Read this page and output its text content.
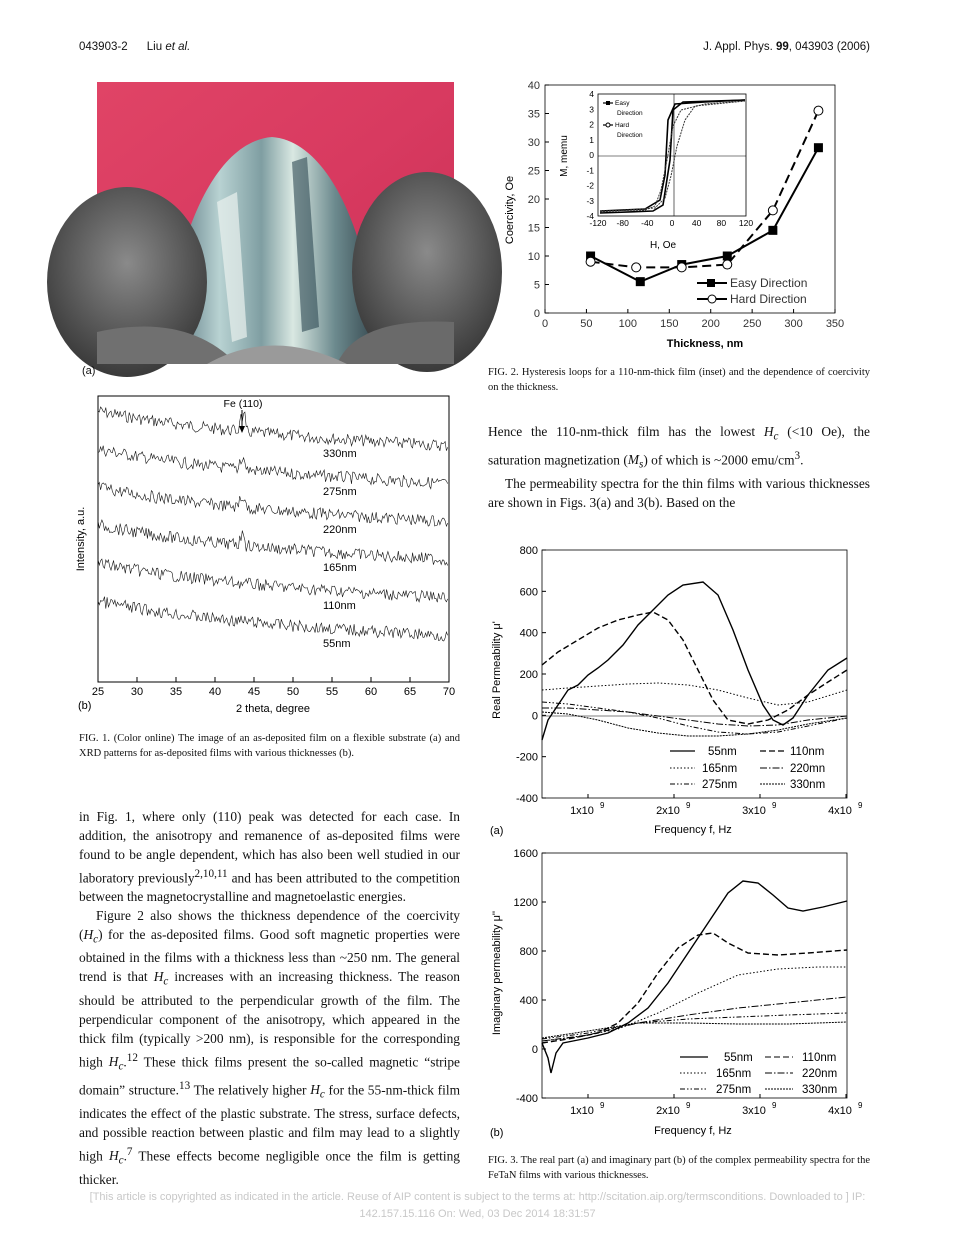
043903-2 Liu et al.	J. Appl. Phys. 99, 043903 (2006)
(a)
330nm
275nm
220nm
165nm
110nm
55nm
25 30 35 40 45 50 55 60 65 70
Intensity, a.u.
2 theta, degree
Fe (110)
(b)
FIG. 1. (Color online) The image of an as-deposited film on a flexible substrate (a) and XRD patterns for as-deposited films with various thicknesses (b).
Coercivity, Oe
Thickness, nm
0	50 100 150 200 250 300 350
0
5
10
15
20
25
30
35
40
-120 -80 -40 0 40 80 120
-4
-3
-2
-1
0
1
2
3
4
M, memu
H, Oe
Easy
Direction
Hard
Direction
Easy Direction
Hard Direction
FIG. 2. Hysteresis loops for a 110-nm-thick film (inset) and the dependence of coercivity on the thickness.

Hence the 110-nm-thick film has the lowest $H_c$ (<10 Oe), the saturation magnetization $(M_s)$ of which is ~2000 emu/$cm^3$.

The permeability spectra for the thin films with various thicknesses are shown in Figs. 3(a) and 3(b). Based on the

800
600
400
200
0
-200
-400
1x10 9	2x10 9	3x10 9	4x10 9
Real Permeability μ'
Frequency f, Hz
(a)
55nm	110nm
165nm	220mn
275nm	330nm
1600
1200
800
400
0
-400
1x10 9	2x10 9	3x10 9	4x10 9
Imaginary permeability μ''
Frequency f, Hz
(b)
55nm	110nm
165nm	220nm
275nm	330nm
FIG. 3. The real part (a) and imaginary part (b) of the complex permeability spectra for the FeTaN films with various thicknesses.

in Fig. 1, where only (110) peak was detected for each case. In addition, the anisotropy and remanence of as-deposited films were found to be angle dependent, which has also been well studied in our laboratory previously$^{2,10,11}$ and has been attributed to the competition between the magnetocrystalline and magnetoelastic energies.

Figure 2 also shows the thickness dependence of the coercivity $(H_c)$ for the as-deposited films. Good soft magnetic properties were obtained in the films with a thickness less than ~250 nm. The general trend is that $H_c$ increases with an increasing thickness. The reason should be attributed to the perpendicular growth of the film. The perpendicular component of the anisotropy, which appeared in the thick film (typically >200 nm), is responsible for the corresponding high $H_c.^{12}$ These thick films present the so-called magnetic “stripe domain” structure.$^{13}$ The relatively higher $H_c$ for the 55-nm-thick film indicates the effect of the plastic substrate. The stress, surface defects, and possible reaction between plastic and film may lead to a slightly high $H_c.^7$ These effects become negligible once the film is getting thicker.

[This article is copyrighted as indicated in the article. Reuse of AIP content is subject to the terms at: http://scitation.aip.org/termsconditions. Downloaded to ] IP:
142.157.15.116 On: Wed, 03 Dec 2014 18:31:57
